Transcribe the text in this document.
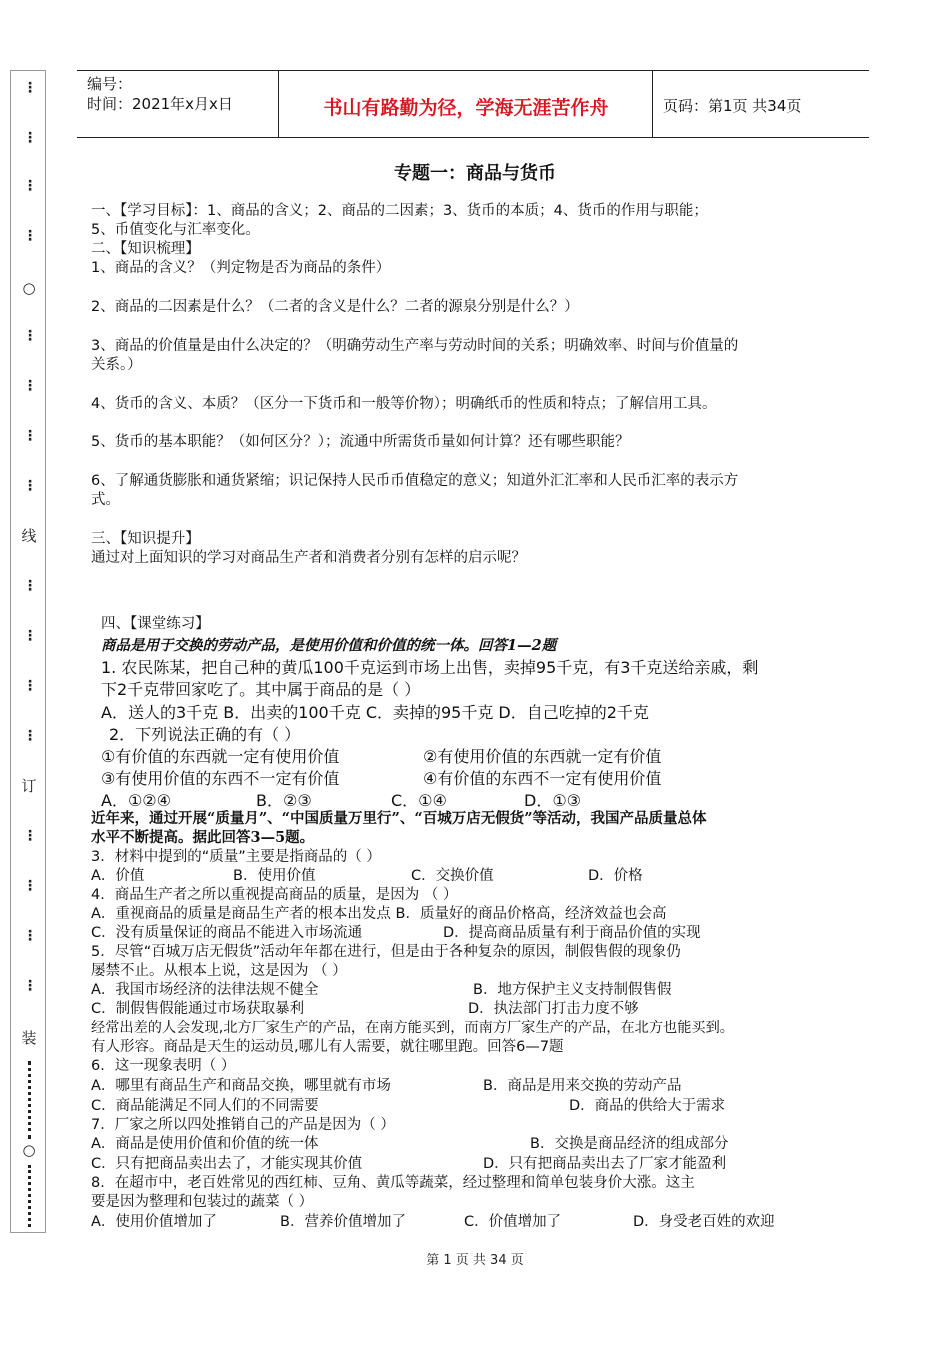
⋮
⋮
⋮
⋮
○
⋮
⋮
⋮
⋮
线
⋮
⋮
⋮
⋮
订
⋮
⋮
⋮
⋮
装
○
编号：
时间：2021年x月x日	书山有路勤为径，学海无涯苦作舟	页码：第1页 共34页
专题一：商品与货币
一、【学习目标】：1、商品的含义；2、商品的二因素；3、货币的本质；4、货币的作用与职能；
5、币值变化与汇率变化。
二、【知识梳理】
1、商品的含义？（判定物是否为商品的条件）
2、商品的二因素是什么？（二者的含义是什么？二者的源泉分别是什么？）
3、商品的价值量是由什么决定的？（明确劳动生产率与劳动时间的关系；明确效率、时间与价值量的
关系。）
4、货币的含义、本质？（区分一下货币和一般等价物）；明确纸币的性质和特点；了解信用工具。
5、货币的基本职能？（如何区分？）；流通中所需货币量如何计算？还有哪些职能？
6、了解通货膨胀和通货紧缩；识记保持人民币币值稳定的意义；知道外汇汇率和人民币汇率的表示方
式。
三、【知识提升】
通过对上面知识的学习对商品生产者和消费者分别有怎样的启示呢？
四、【课堂练习】
商品是用于交换的劳动产品，是使用价值和价值的统一体。回答1—2题
1. 农民陈某，把自己种的黄瓜100千克运到市场上出售，卖掉95千克，有3千克送给亲戚，剩
下2千克带回家吃了。其中属于商品的是（ ）
A．送人的3千克 B．出卖的100千克 C．卖掉的95千克 D．自己吃掉的2千克
2．下列说法正确的有（ ）
①有价值的东西就一定有使用价值	②有使用价值的东西就一定有价值
③有使用价值的东西不一定有价值	④有价值的东西不一定有使用价值
A．①②④	B．②③	C．①④	D．①③
近年来，通过开展“质量月”、“中国质量万里行”、“百城万店无假货”等活动，我国产品质量总体
水平不断提高。据此回答3—5题。
3．材料中提到的“质量”主要是指商品的（ ）
A．价值	B．使用价值	C．交换价值	D．价格
4．商品生产者之所以重视提高商品的质量，是因为 （ ）
A．重视商品的质量是商品生产者的根本出发点 B．质量好的商品价格高，经济效益也会高
C．没有质量保证的商品不能进入市场流通	D．提高商品质量有利于商品价值的实现
5．尽管“百城万店无假货”活动年年都在进行，但是由于各种复杂的原因，制假售假的现象仍
屡禁不止。从根本上说，这是因为 （ ）
A．我国市场经济的法律法规不健全	B．地方保护主义支持制假售假
C．制假售假能通过市场获取暴利	D．执法部门打击力度不够
经常出差的人会发现,北方厂家生产的产品，在南方能买到，而南方厂家生产的产品，在北方也能买到。
有人形容。商品是天生的运动员,哪儿有人需要，就往哪里跑。回答6—7题
6．这一现象表明（ ）
A．哪里有商品生产和商品交换，哪里就有市场	B．商品是用来交换的劳动产品
C．商品能满足不同人们的不同需要	D．商品的供给大于需求
7．厂家之所以四处推销自己的产品是因为（ ）
A．商品是使用价值和价值的统一体	B．交换是商品经济的组成部分
C．只有把商品卖出去了，才能实现其价值	D．只有把商品卖出去了厂家才能盈利
8．在超市中，老百姓常见的西红柿、豆角、黄瓜等蔬菜，经过整理和简单包装身价大涨。这主
要是因为整理和包装过的蔬菜（ ）
A．使用价值增加了	B．营养价值增加了	C．价值增加了	D．身受老百姓的欢迎
第 1 页 共 34 页
